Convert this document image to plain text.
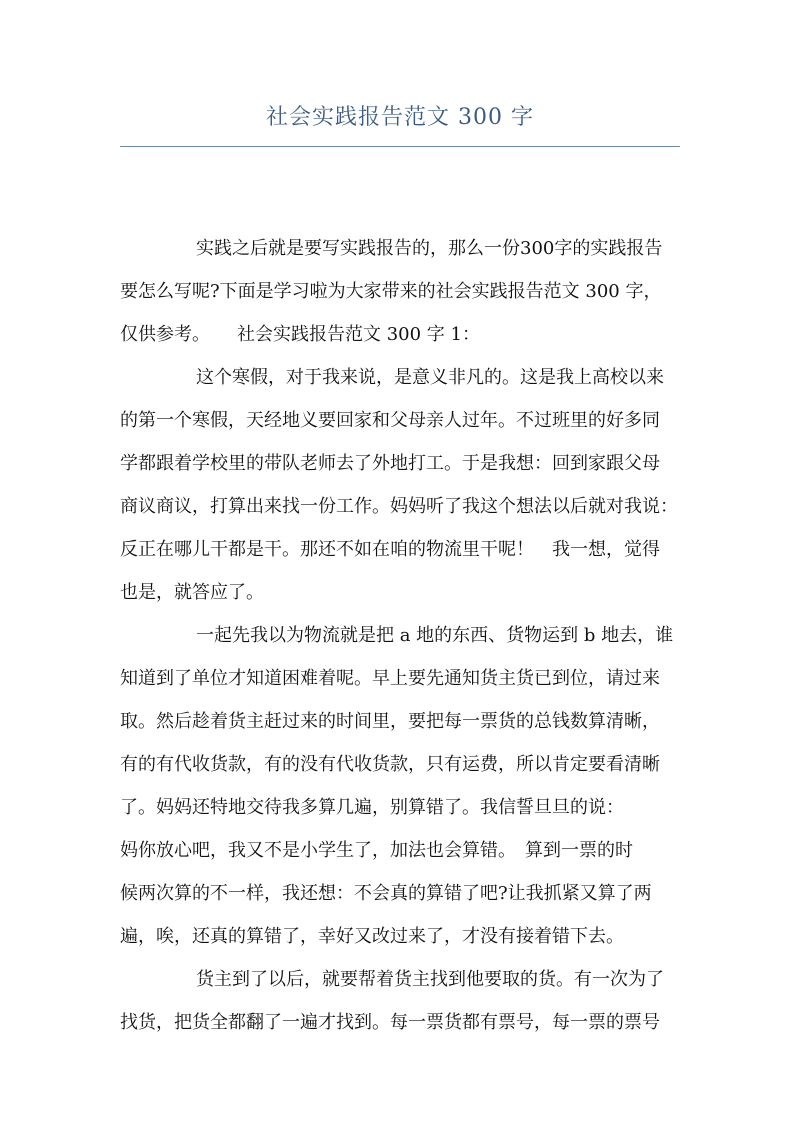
社会实践报告范文 300 字
实践之后就是要写实践报告的，那么一份300字的实践报告
要怎么写呢?下面是学习啦为大家带来的社会实践报告范文 300 字，
仅供参考。　　社会实践报告范文 300 字 1：
这个寒假，对于我来说，是意义非凡的。这是我上高校以来
的第一个寒假，天经地义要回家和父母亲人过年。不过班里的好多同
学都跟着学校里的带队老师去了外地打工。于是我想：回到家跟父母
商议商议，打算出来找一份工作。妈妈听了我这个想法以后就对我说：
反正在哪儿干都是干。那还不如在咱的物流里干呢！　我一想，觉得
也是，就答应了。
一起先我以为物流就是把 a 地的东西、货物运到 b 地去，谁
知道到了单位才知道困难着呢。早上要先通知货主货已到位，请过来
取。然后趁着货主赶过来的时间里，要把每一票货的总钱数算清晰，
有的有代收货款，有的没有代收货款，只有运费，所以肯定要看清晰
了。妈妈还特地交待我多算几遍，别算错了。我信誓旦旦的说：
妈你放心吧，我又不是小学生了，加法也会算错。　算到一票的时
候两次算的不一样，我还想：不会真的算错了吧?让我抓紧又算了两
遍，唉，还真的算错了，幸好又改过来了，才没有接着错下去。
货主到了以后，就要帮着货主找到他要取的货。有一次为了
找货，把货全都翻了一遍才找到。每一票货都有票号，每一票的票号
